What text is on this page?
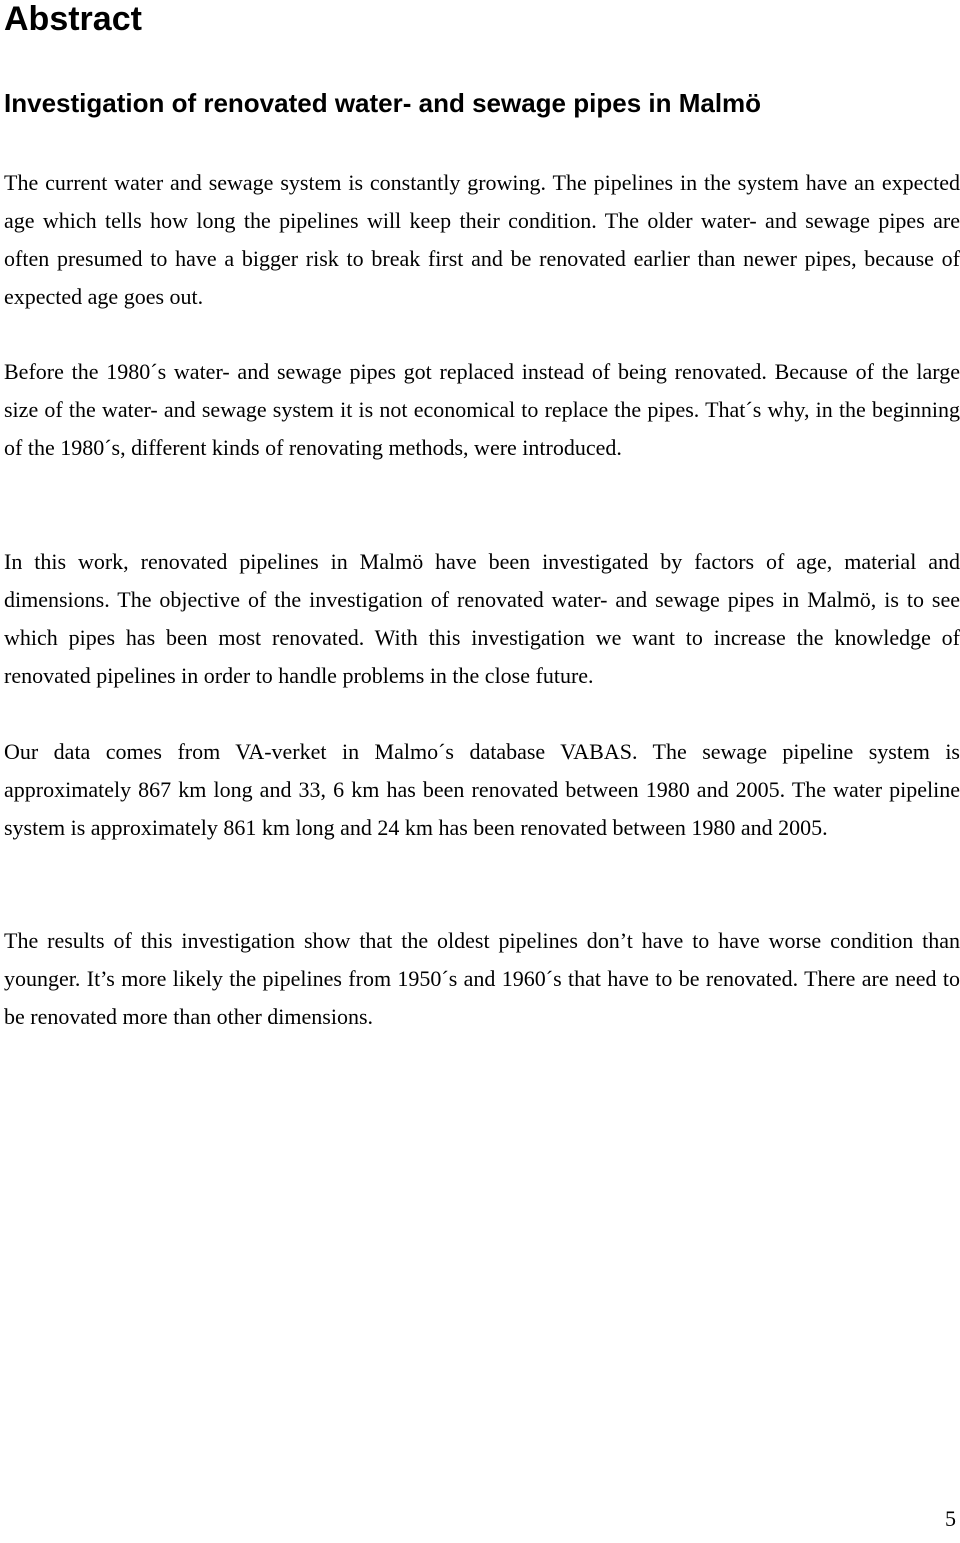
Abstract
Investigation of renovated water- and sewage pipes in Malmö

The current water and sewage system is constantly growing. The pipelines in the system have an expected age which tells how long the pipelines will keep their condition. The older water- and sewage pipes are often presumed to have a bigger risk to break first and be renovated earlier than newer pipes, because of expected age goes out.

Before the 1980´s water- and sewage pipes got replaced instead of being renovated. Because of the large size of the water- and sewage system it is not economical to replace the pipes. That´s why, in the beginning of the 1980´s, different kinds of renovating methods, were introduced.

In this work, renovated pipelines in Malmö have been investigated by factors of age, material and dimensions. The objective of the investigation of renovated water- and sewage pipes in Malmö, is to see which pipes has been most renovated. With this investigation we want to increase the knowledge of renovated pipelines in order to handle problems in the close future.

Our data comes from VA-verket in Malmo´s database VABAS. The sewage pipeline system is approximately 867 km long and 33, 6 km has been renovated between 1980 and 2005. The water pipeline system is approximately 861 km long and 24 km has been renovated between 1980 and 2005.

The results of this investigation show that the oldest pipelines don’t have to have worse condition than younger. It’s more likely the pipelines from 1950´s and 1960´s that have to be renovated. There are need to be renovated more than other dimensions.

5
